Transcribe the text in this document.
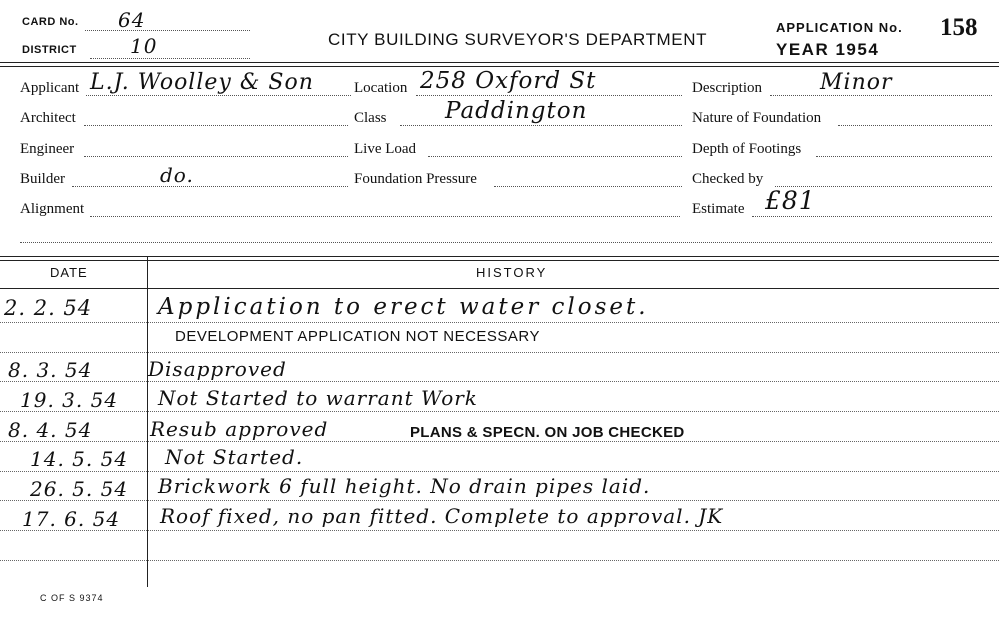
CARD No. 64
DISTRICT	10	CITY BUILDING SURVEYOR'S DEPARTMENT
APPLICATION No. 158
YEAR 1954
Applicant L.J. Woolley & Son
Architect
Engineer
Builder	do.
Alignment
Location 258 Oxford St
Class	Paddington
Live Load
Foundation Pressure
Description	Minor
Nature of Foundation
Depth of Footings
Checked by
Estimate £81
DATE	HISTORY
2. 2. 54	Application to erect water closet.
DEVELOPMENT APPLICATION NOT NECESSARY
8. 3. 54	Disapproved
19. 3. 54 Not Started to warrant Work
8. 4. 54	Resub approved	PLANS & SPECN. ON JOB CHECKED
14. 5. 54 Not Started.
26. 5. 54 Brickwork 6 full height. No drain pipes laid.
17. 6. 54 Roof fixed, no pan fitted. Complete to approval. JK
C OF S 9374
